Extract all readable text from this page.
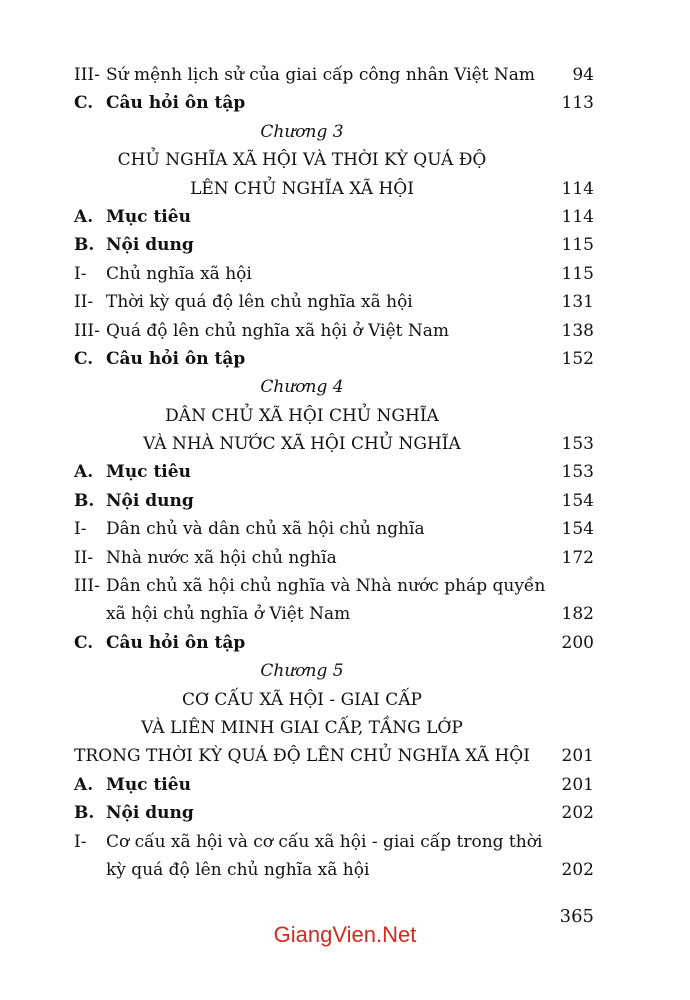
III- Sứ mệnh lịch sử của giai cấp công nhân Việt Nam 94
C. Câu hỏi ôn tập	113
Chương 3
CHỦ NGHĨA XÃ HỘI VÀ THỜI KỲ QUÁ ĐỘ
LÊN CHỦ NGHĨA XÃ HỘI	114
A. Mục tiêu	114
B. Nội dung	115
I- Chủ nghĩa xã hội	115
II- Thời kỳ quá độ lên chủ nghĩa xã hội	131
III- Quá độ lên chủ nghĩa xã hội ở Việt Nam	138
C. Câu hỏi ôn tập	152
Chương 4
DÂN CHỦ XÃ HỘI CHỦ NGHĨA
VÀ NHÀ NƯỚC XÃ HỘI CHỦ NGHĨA	153
A. Mục tiêu	153
B. Nội dung	154
I- Dân chủ và dân chủ xã hội chủ nghĩa	154
II- Nhà nước xã hội chủ nghĩa	172
III- Dân chủ xã hội chủ nghĩa và Nhà nước pháp quyền
xã hội chủ nghĩa ở Việt Nam	182
C. Câu hỏi ôn tập	200
Chương 5
CƠ CẤU XÃ HỘI - GIAI CẤP
VÀ LIÊN MINH GIAI CẤP, TẦNG LỚP
TRONG THỜI KỲ QUÁ ĐỘ LÊN CHỦ NGHĨA XÃ HỘI 201
A. Mục tiêu	201
B. Nội dung	202
I- Cơ cấu xã hội và cơ cấu xã hội - giai cấp trong thời
kỳ quá độ lên chủ nghĩa xã hội	202
365
GiangVien.Net
